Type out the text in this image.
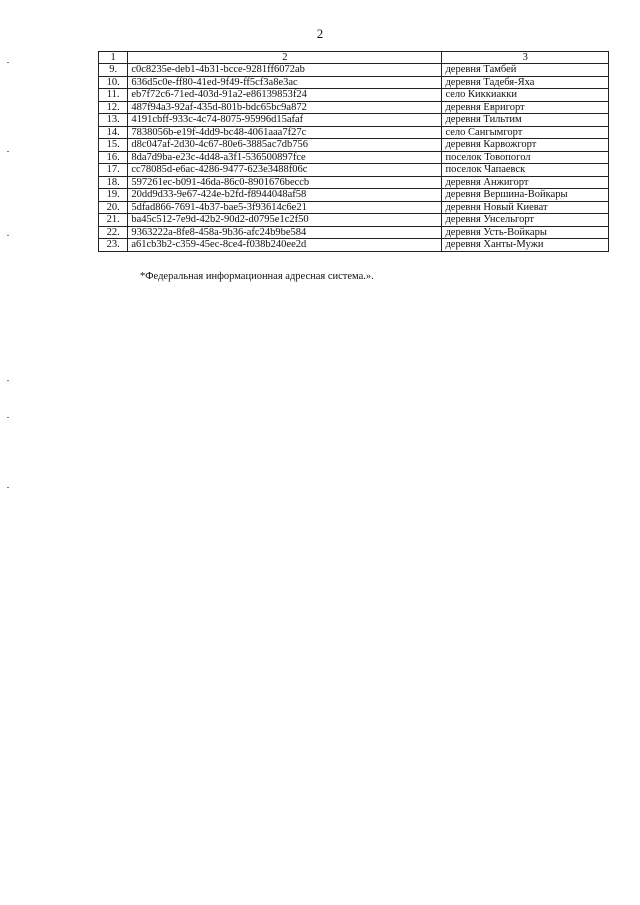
2
1	2	3
9.	c0c8235e-deb1-4b31-bcce-9281ff6072ab	деревня Тамбей
10.	636d5c0e-ff80-41ed-9f49-ff5cf3a8e3ac	деревня Тадебя-Яха
11.	eb7f72c6-71ed-403d-91a2-e86139853f24	село Киккиакки
12.	487f94a3-92af-435d-801b-bdc65bc9a872	деревня Евригорт
13.	4191cbff-933c-4c74-8075-95996d15afaf	деревня Тильтим
14.	7838056b-e19f-4dd9-bc48-4061aaa7f27c	село Сангымгорт
15.	d8c047af-2d30-4c67-80e6-3885ac7db756	деревня Карвожгорт
16.	8da7d9ba-e23c-4d48-a3f1-536500897fce	поселок Товопогол
17.	cc78085d-e6ac-4286-9477-623e3488f06c	поселок Чапаевск
18.	597261ec-b091-46da-86c0-8901676beccb	деревня Анжигорт
19.	20dd9d33-9e67-424e-b2fd-f8944048af58	деревня Вершина-Войкары
20.	5dfad866-7691-4b37-bae5-3f93614c6e21	деревня Новый Киеват
21.	ba45c512-7e9d-42b2-90d2-d0795e1c2f50	деревня Унсельгорт
22.	9363222a-8fe8-458a-9b36-afc24b9be584	деревня Усть-Войкары
23.	a61cb3b2-c359-45ec-8ce4-f038b240ee2d	деревня Ханты-Мужи
*Федеральная информационная адресная система.».
